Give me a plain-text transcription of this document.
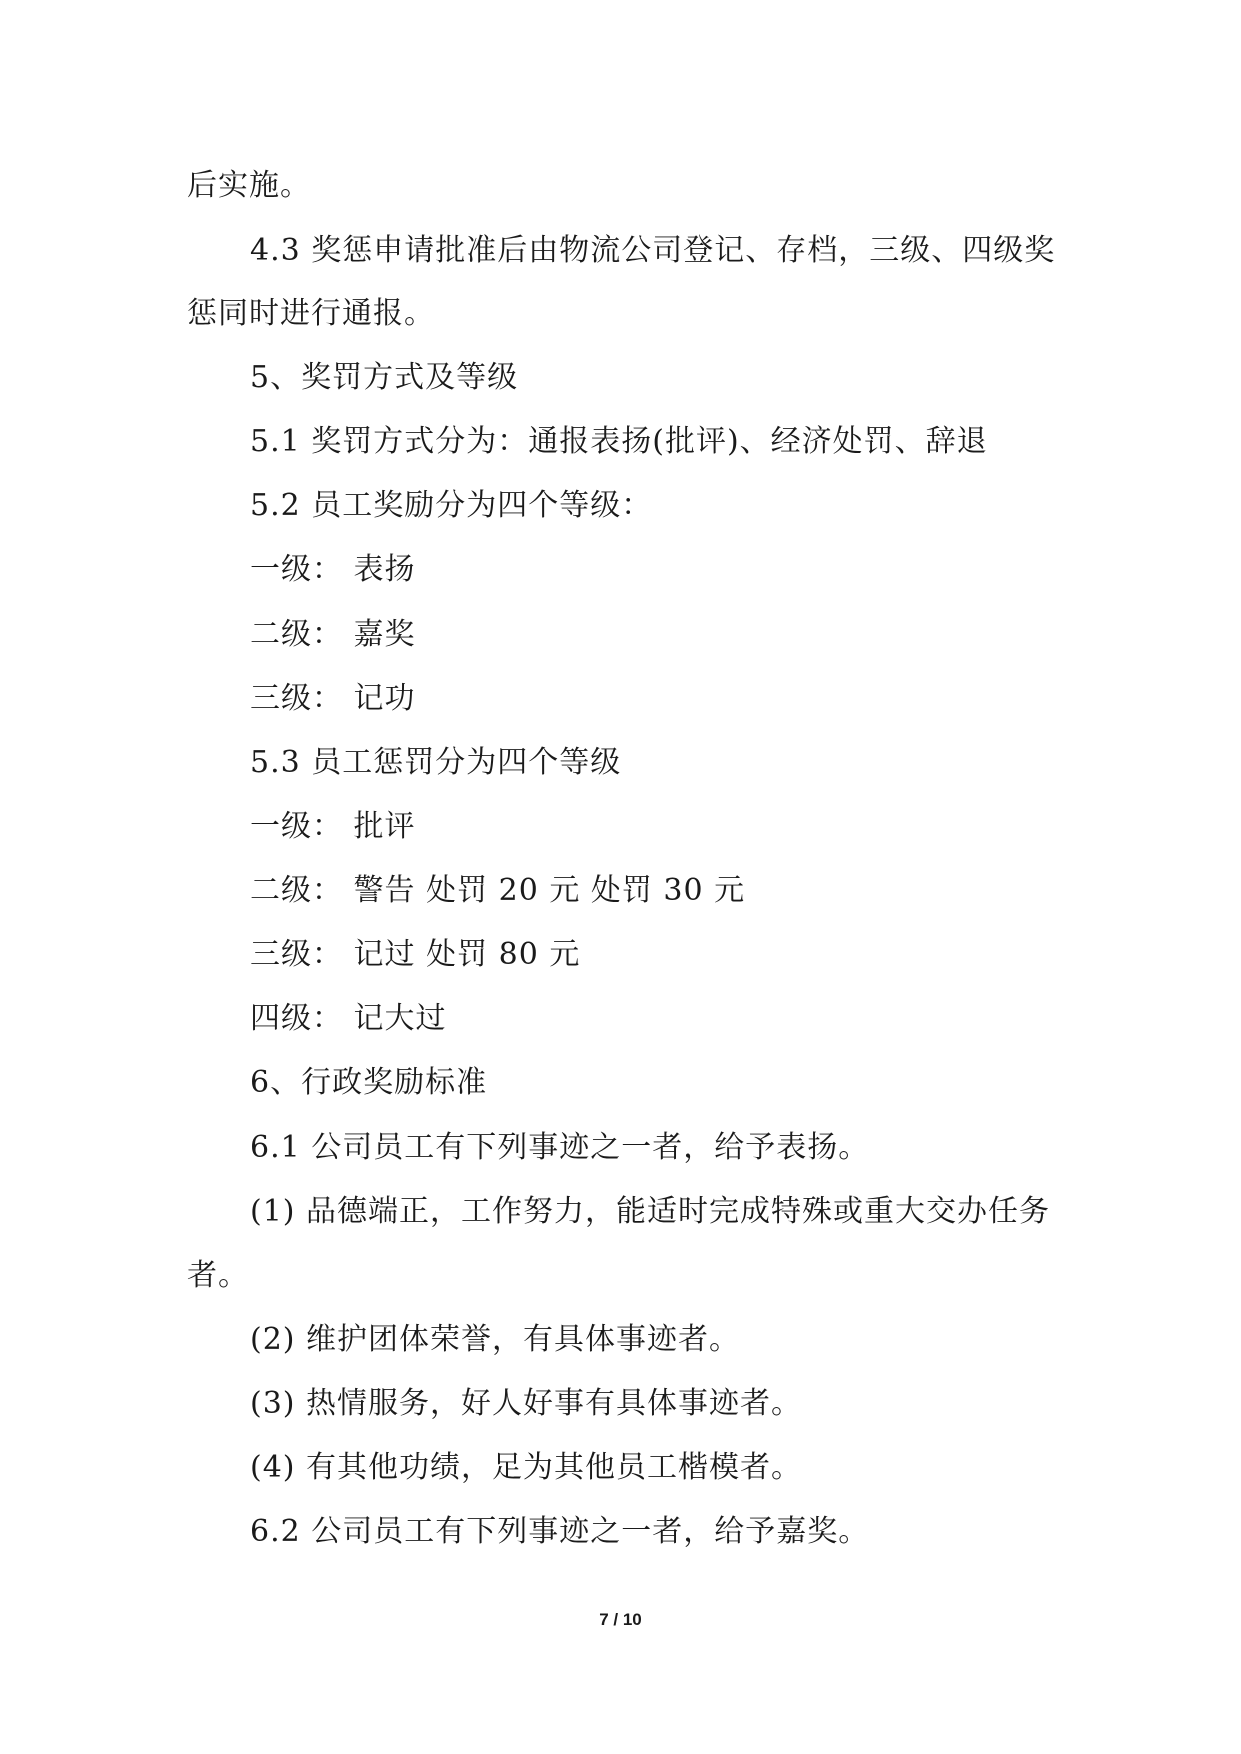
后实施。
4.3 奖惩申请批准后由物流公司登记、存档，三级、四级奖
惩同时进行通报。
5、奖罚方式及等级
5.1 奖罚方式分为：通报表扬(批评)、经济处罚、辞退
5.2 员工奖励分为四个等级：
一级： 表扬
二级： 嘉奖
三级： 记功
5.3 员工惩罚分为四个等级
一级： 批评
二级： 警告 处罚 20 元 处罚 30 元
三级： 记过 处罚 80 元
四级： 记大过
6、行政奖励标准
6.1 公司员工有下列事迹之一者，给予表扬。
(1) 品德端正，工作努力，能适时完成特殊或重大交办任务
者。
(2) 维护团体荣誉，有具体事迹者。
(3) 热情服务，好人好事有具体事迹者。
(4) 有其他功绩，足为其他员工楷模者。
6.2 公司员工有下列事迹之一者，给予嘉奖。
7 / 10
